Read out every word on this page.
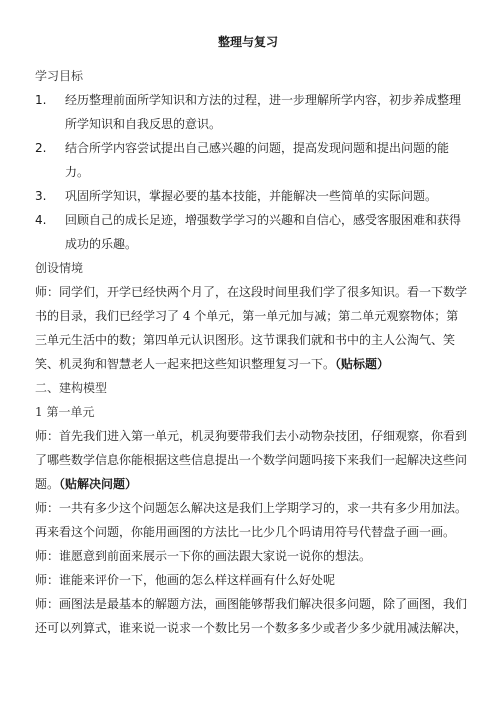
整理与复习

学习目标

1. 经历整理前面所学知识和方法的过程，进一步理解所学内容，初步养成整理所学知识和自我反思的意识。
2. 结合所学内容尝试提出自己感兴趣的问题，提高发现问题和提出问题的能力。
3. 巩固所学知识，掌握必要的基本技能，并能解决一些简单的实际问题。
4. 回顾自己的成长足迹，增强数学学习的兴趣和自信心，感受客服困难和获得成功的乐趣。

创设情境

师：同学们，开学已经快两个月了，在这段时间里我们学了很多知识。看一下数学书的目录，我们已经学习了 4 个单元，第一单元加与减；第二单元观察物体；第三单元生活中的数；第四单元认识图形。这节课我们就和书中的主人公淘气、笑笑、机灵狗和智慧老人一起来把这些知识整理复习一下。（贴标题）

二、建构模型

1 第一单元

师：首先我们进入第一单元，机灵狗要带我们去小动物杂技团，仔细观察，你看到了哪些数学信息你能根据这些信息提出一个数学问题吗接下来我们一起解决这些问题。（贴解决问题）

师：一共有多少这个问题怎么解决这是我们上学期学习的，求一共有多少用加法。再来看这个问题，你能用画图的方法比一比少几个吗请用符号代替盘子画一画。

师：谁愿意到前面来展示一下你的画法跟大家说一说你的想法。

师：谁能来评价一下，他画的怎么样这样画有什么好处呢

师：画图法是最基本的解题方法，画图能够帮我们解决很多问题，除了画图，我们还可以列算式，谁来说一说求一个数比另一个数多多少或者少多少就用减法解决，
